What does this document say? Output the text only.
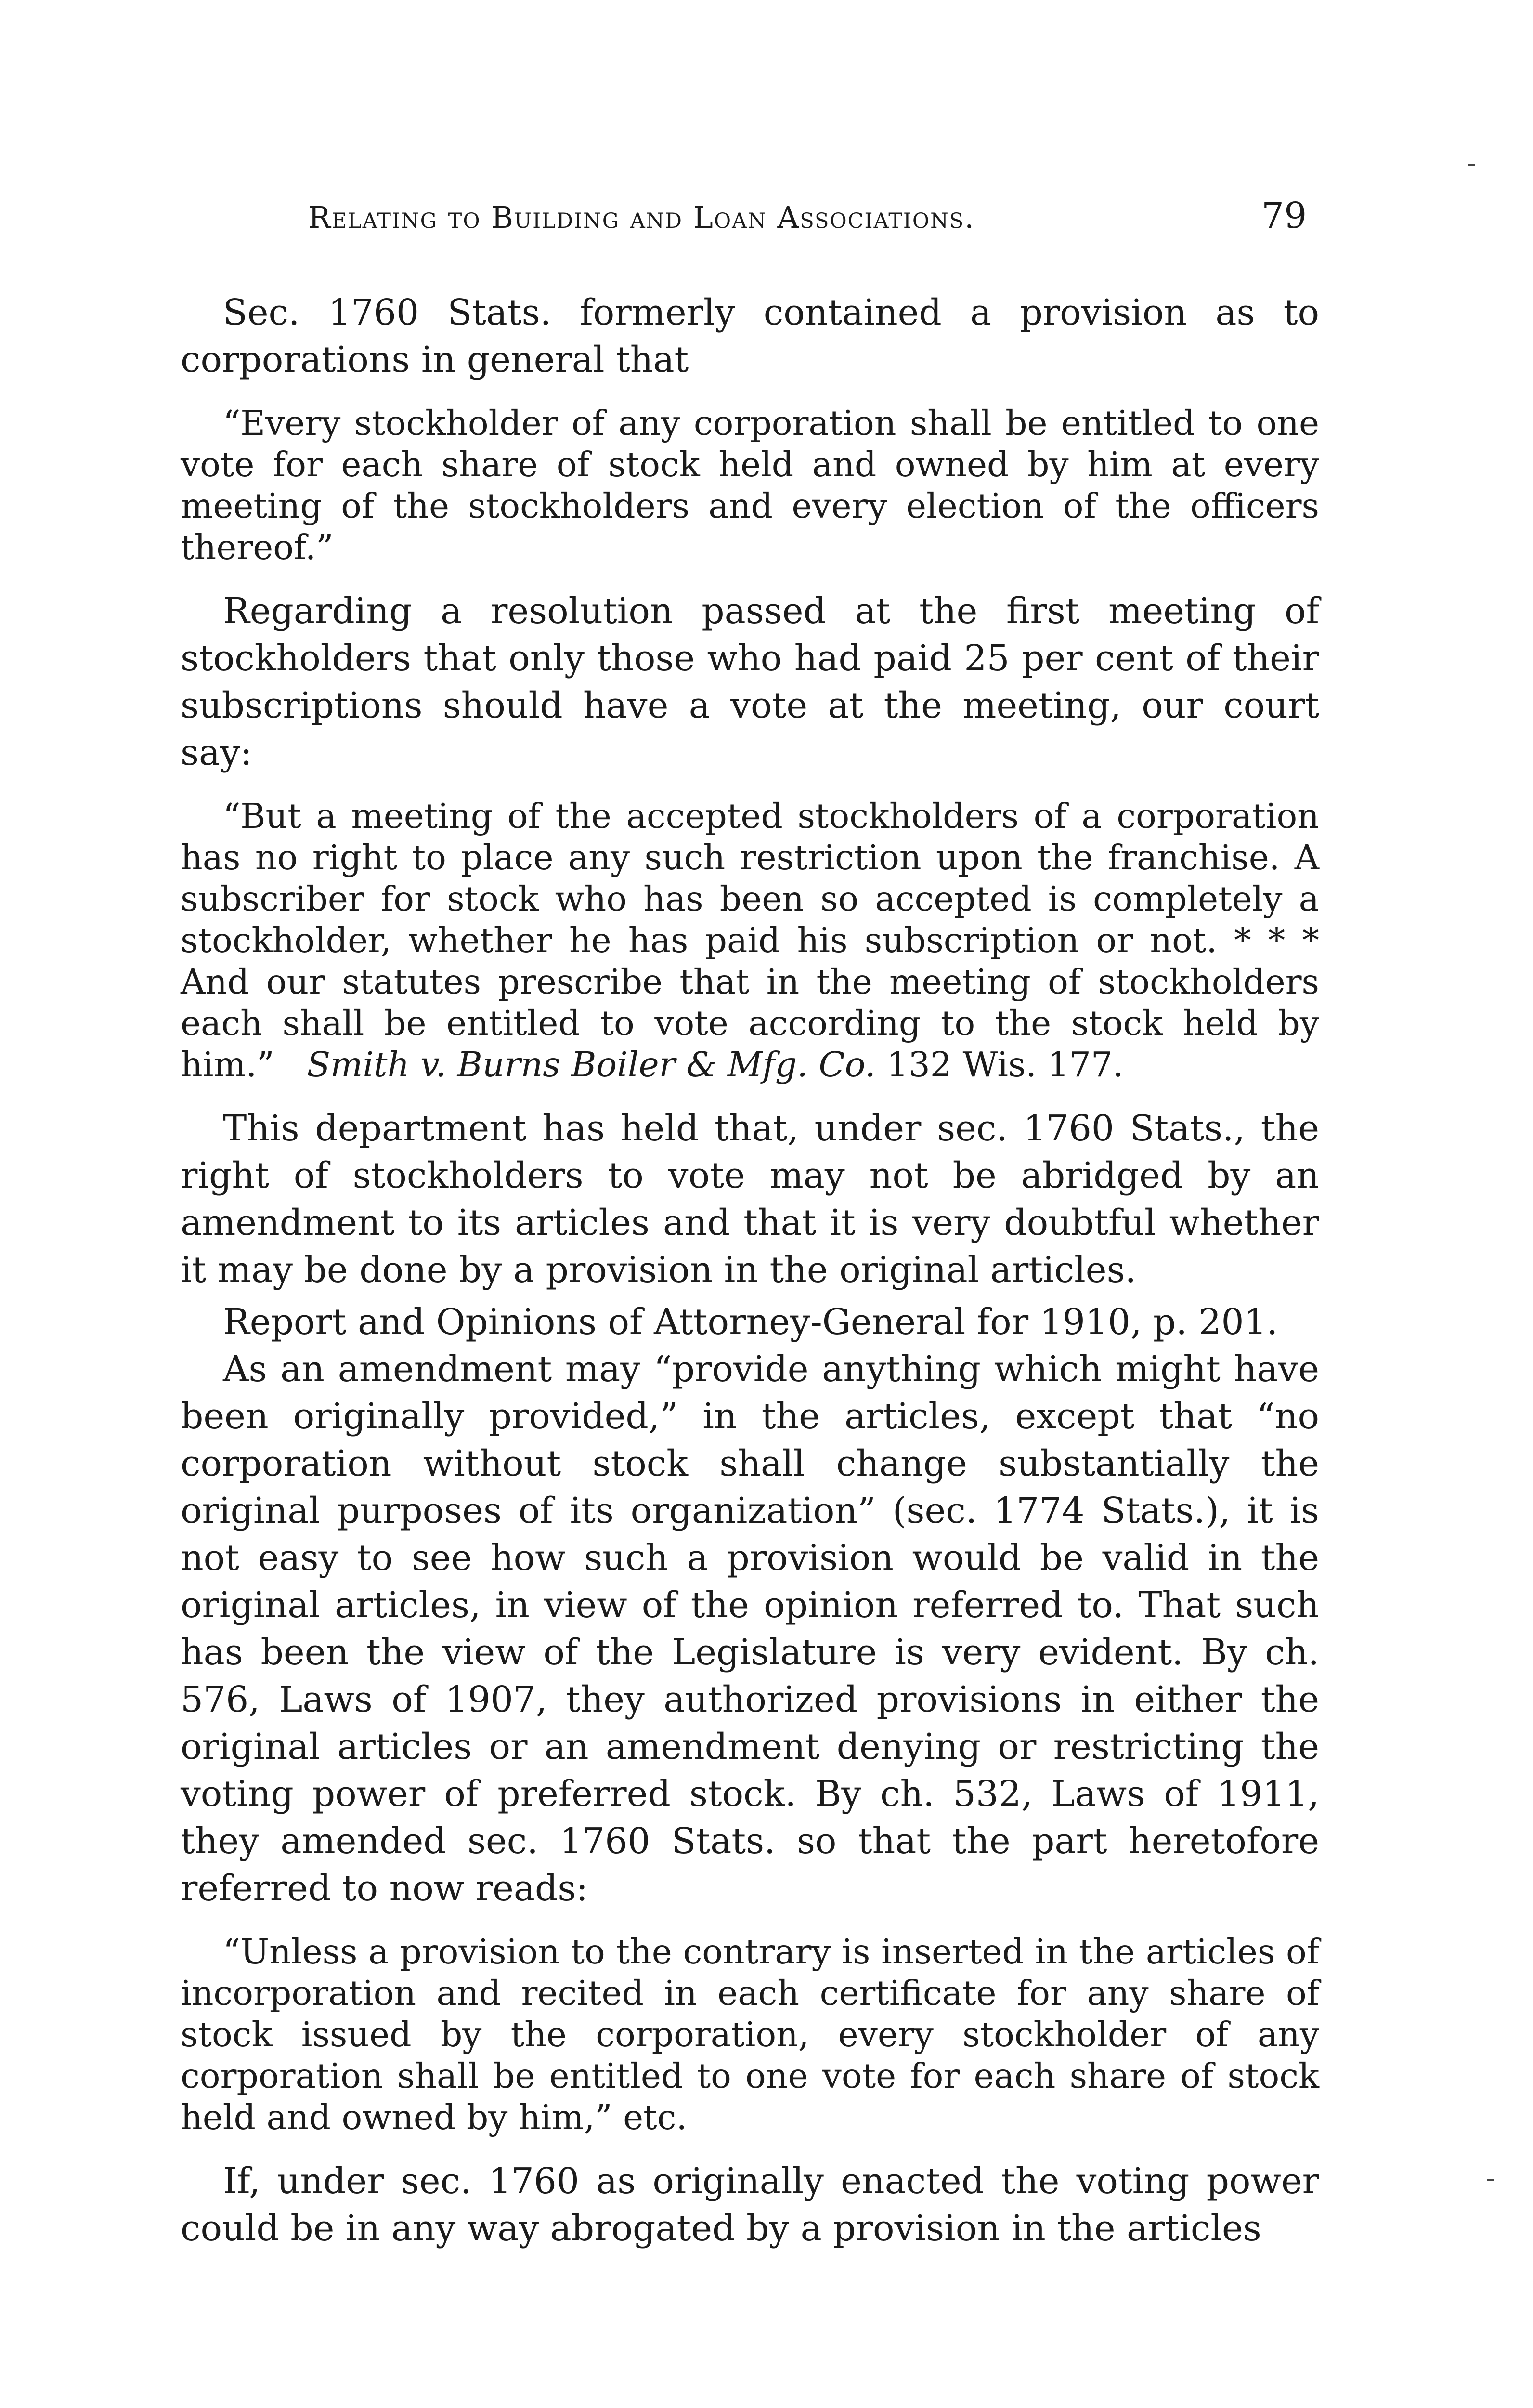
Relating to Building and Loan Associations.	79

Sec. 1760 Stats. formerly contained a provision as to corporations in general that

“Every stockholder of any corporation shall be entitled to one vote for each share of stock held and owned by him at every meeting of the stockholders and every election of the officers thereof.”

Regarding a resolution passed at the first meeting of stockholders that only those who had paid 25 per cent of their subscriptions should have a vote at the meeting, our court say:

“But a meeting of the accepted stockholders of a corporation has no right to place any such restriction upon the franchise. A subscriber for stock who has been so accepted is completely a stockholder, whether he has paid his subscription or not. * * * And our statutes prescribe that in the meeting of stockholders each shall be entitled to vote according to the stock held by him.” Smith v. Burns Boiler & Mfg. Co. 132 Wis. 177.

This department has held that, under sec. 1760 Stats., the right of stockholders to vote may not be abridged by an amendment to its articles and that it is very doubtful whether it may be done by a provision in the original articles.

Report and Opinions of Attorney-General for 1910, p. 201.

As an amendment may “provide anything which might have been originally provided,” in the articles, except that “no corporation without stock shall change substantially the original purposes of its organization” (sec. 1774 Stats.), it is not easy to see how such a provision would be valid in the original articles, in view of the opinion referred to. That such has been the view of the Legislature is very evident. By ch. 576, Laws of 1907, they authorized provisions in either the original articles or an amendment denying or restricting the voting power of preferred stock. By ch. 532, Laws of 1911, they amended sec. 1760 Stats. so that the part heretofore referred to now reads:

“Unless a provision to the contrary is inserted in the articles of incorporation and recited in each certificate for any share of stock issued by the corporation, every stockholder of any corporation shall be entitled to one vote for each share of stock held and owned by him,” etc.

If, under sec. 1760 as originally enacted the voting power could be in any way abrogated by a provision in the articles
